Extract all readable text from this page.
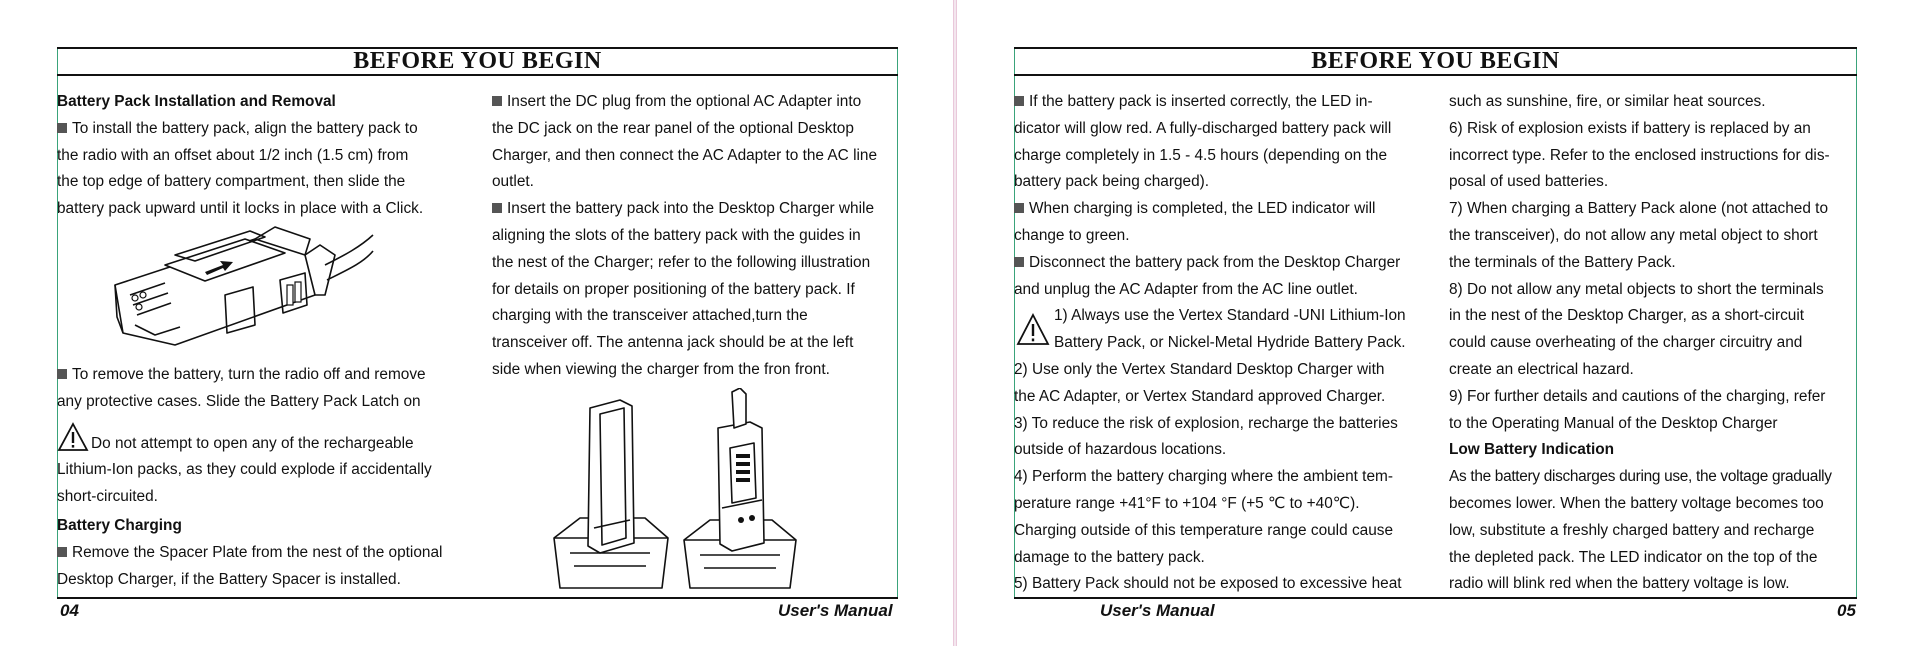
BEFORE YOU BEGIN

Battery Pack Installation and Removal

To install the battery pack, align the battery pack to

the radio with an offset about 1/2 inch (1.5 cm) from

the top edge of battery compartment, then slide the

battery pack upward until it locks in place with a Click.

To remove the battery, turn the radio off and remove

any protective cases. Slide the Battery Pack Latch on

Do not attempt to open any of the rechargeable

Lithium-Ion packs, as they could explode if accidentally

short-circuited.

Battery Charging

Remove the Spacer Plate from the nest of the optional

Desktop Charger, if the Battery Spacer is installed.

Insert the DC plug from the optional AC Adapter into

the DC jack on the rear panel of the optional Desktop

Charger, and then connect the AC Adapter to the AC line

outlet.

Insert the battery pack into the Desktop Charger while

aligning the slots of the battery pack with the guides in

the nest of the Charger; refer to the following illustration

for details on proper positioning of the battery pack. If

charging with the transceiver attached,turn the

transceiver off. The antenna jack should be at the left

side when viewing the charger from the fron front.

04	User's Manual
BEFORE YOU BEGIN

If the battery pack is inserted correctly, the LED in-

dicator will glow red. A fully-discharged battery pack will

charge completely in 1.5 - 4.5 hours (depending on the

battery pack being charged).

When charging is completed, the LED indicator will

change to green.

Disconnect the battery pack from the Desktop Charger

and unplug the AC Adapter from the AC line outlet.

1) Always use the Vertex Standard -UNI Lithium-Ion

Battery Pack, or Nickel-Metal Hydride Battery Pack.

2) Use only the Vertex Standard Desktop Charger with

the AC Adapter, or Vertex Standard approved Charger.

3) To reduce the risk of explosion, recharge the batteries

outside of hazardous locations.

4) Perform the battery charging where the ambient tem-

perature range +41°F to +104 °F (+5 ℃ to +40℃).

Charging outside of this temperature range could cause

damage to the battery pack.

5) Battery Pack should not be exposed to excessive heat

such as sunshine, fire, or similar heat sources.

6) Risk of explosion exists if battery is replaced by an

incorrect type. Refer to the enclosed instructions for dis-

posal of used batteries.

7) When charging a Battery Pack alone (not attached to

the transceiver), do not allow any metal object to short

the terminals of the Battery Pack.

8) Do not allow any metal objects to short the terminals

in the nest of the Desktop Charger, as a short-circuit

could cause overheating of the charger circuitry and

create an electrical hazard.

9) For further details and cautions of the charging, refer

to the Operating Manual of the Desktop Charger

Low Battery Indication

As the battery discharges during use, the voltage gradually

becomes lower. When the battery voltage becomes too

low, substitute a freshly charged battery and recharge

the depleted pack. The LED indicator on the top of the

radio will blink red when the battery voltage is low.

User's Manual	05
